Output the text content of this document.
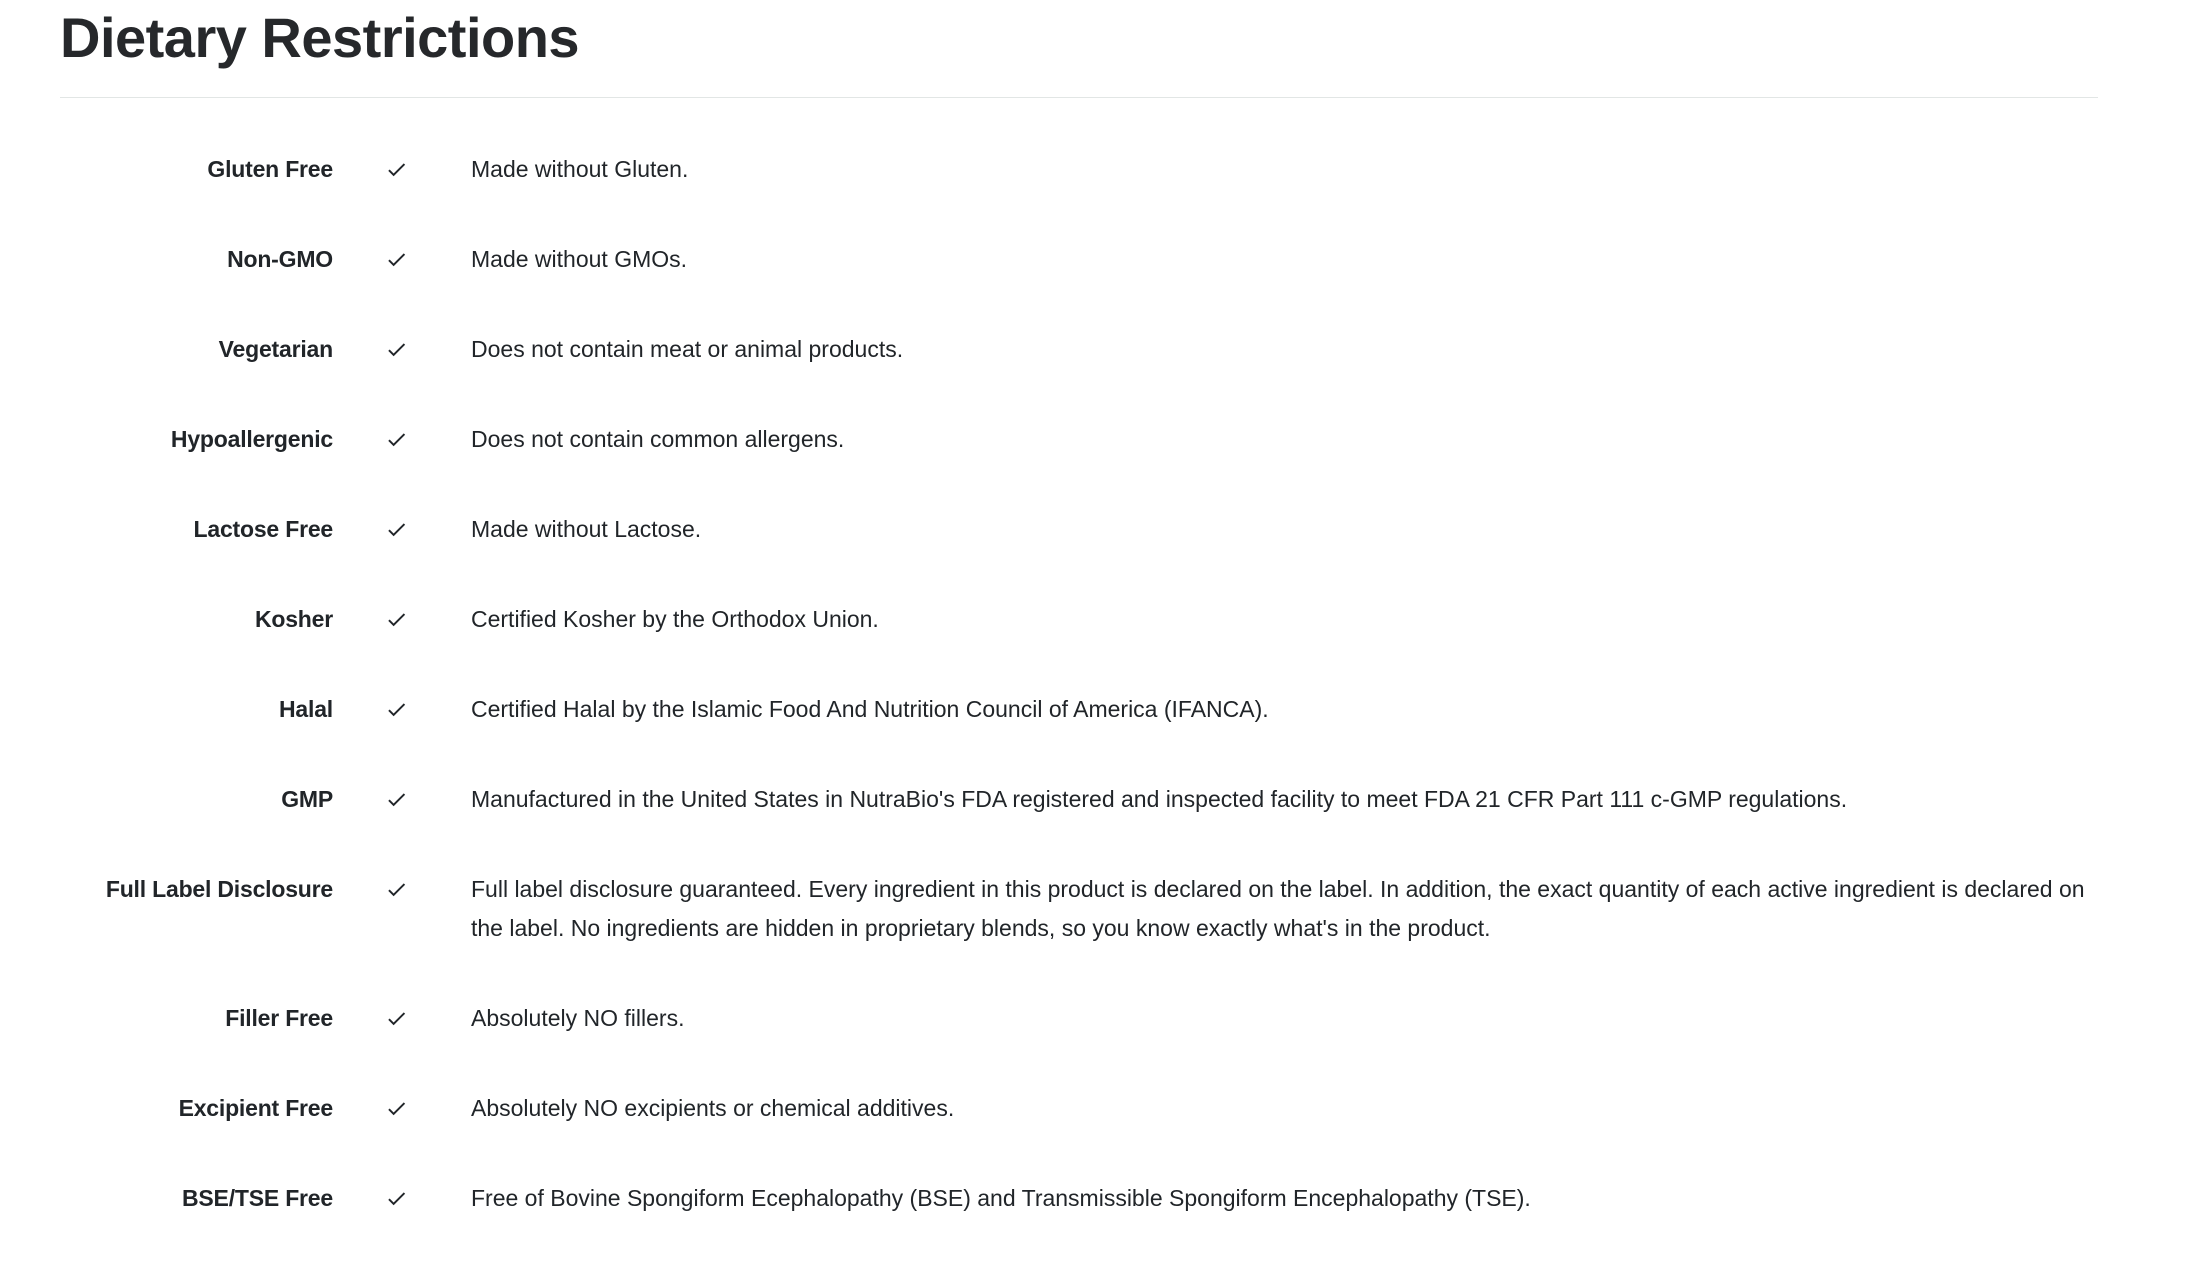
Dietary Restrictions
Gluten Free	Made without Gluten.
Non-GMO	Made without GMOs.
Vegetarian	Does not contain meat or animal products.
Hypoallergenic	Does not contain common allergens.
Lactose Free	Made without Lactose.
Kosher	Certified Kosher by the Orthodox Union.
Halal	Certified Halal by the Islamic Food And Nutrition Council of America (IFANCA).
GMP	Manufactured in the United States in NutraBio's FDA registered and inspected facility to meet FDA 21 CFR Part 111 c-GMP regulations.
Full Label Disclosure	Full label disclosure guaranteed. Every ingredient in this product is declared on the label. In addition, the exact quantity of each active ingredient is declared on the label. No ingredients are hidden in proprietary blends, so you know exactly what's in the product.
Filler Free	Absolutely NO fillers.
Excipient Free	Absolutely NO excipients or chemical additives.
BSE/TSE Free	Free of Bovine Spongiform Ecephalopathy (BSE) and Transmissible Spongiform Encephalopathy (TSE).
